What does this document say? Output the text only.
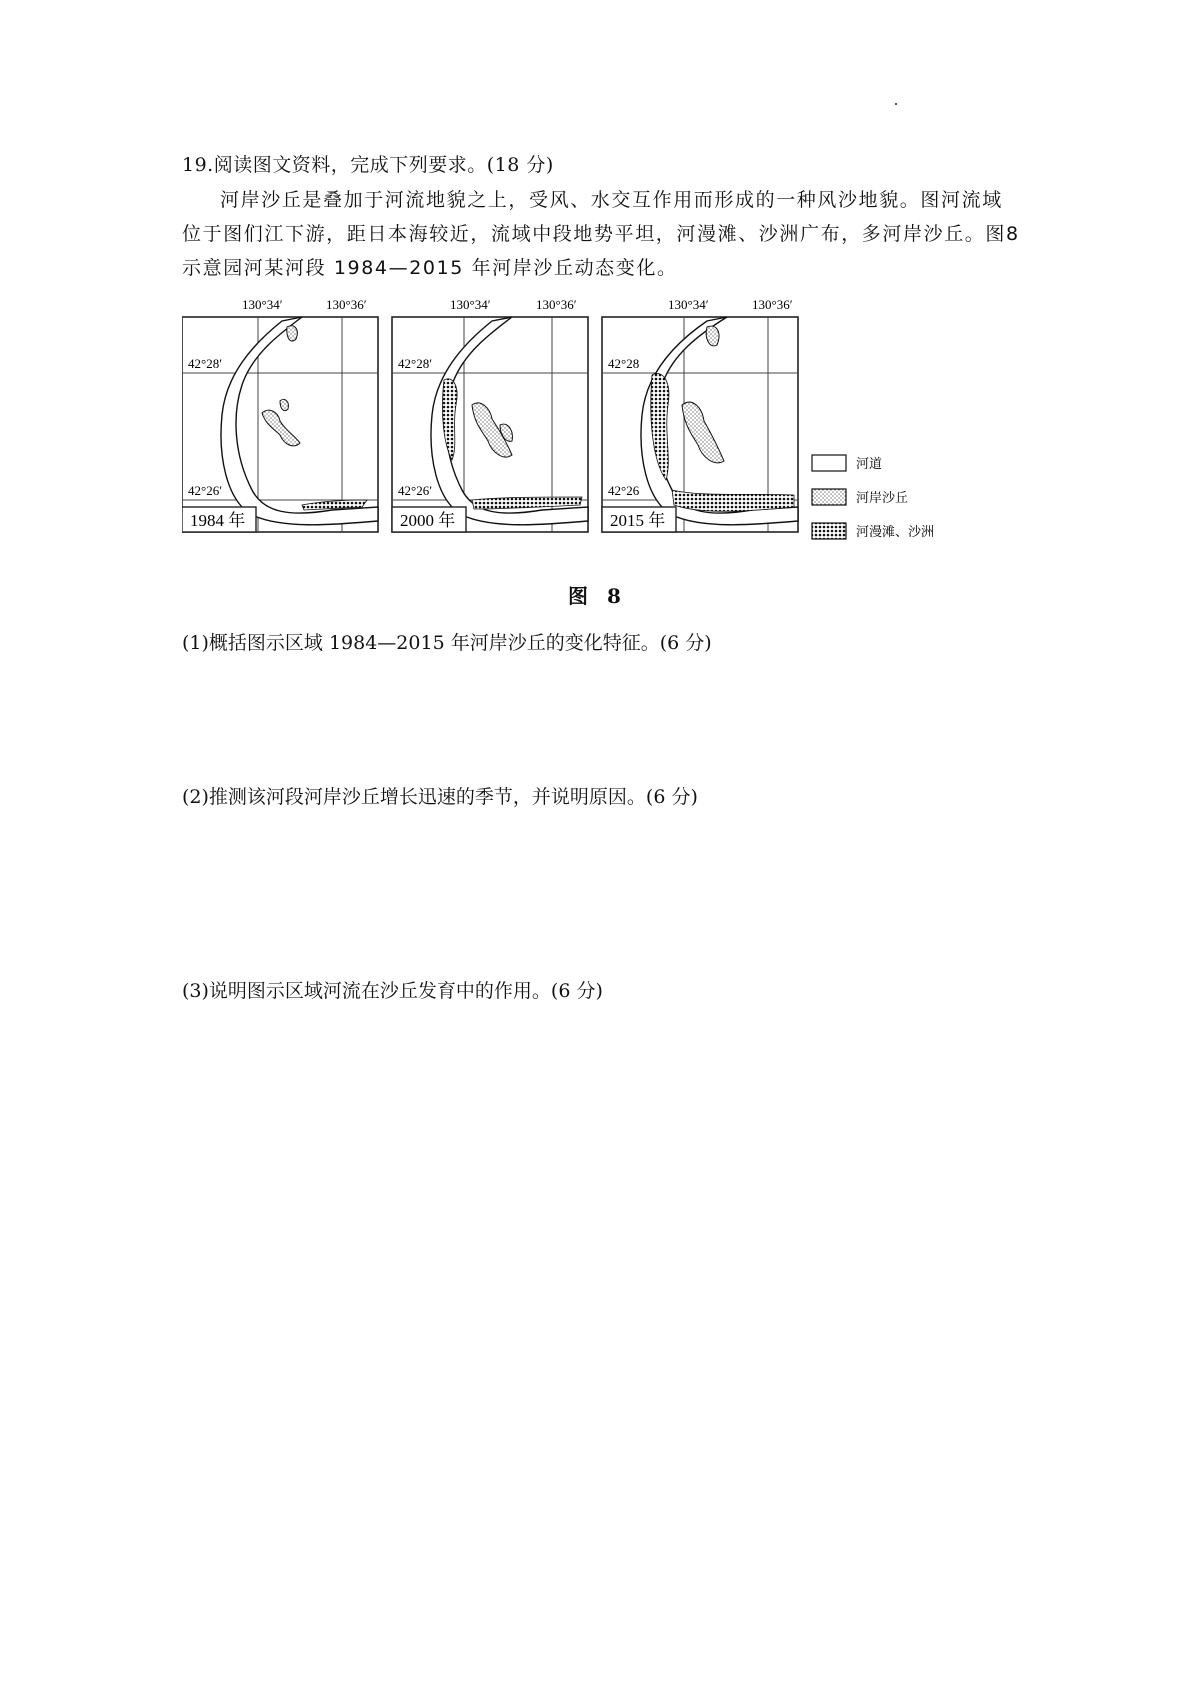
19.阅读图文资料，完成下列要求。(18 分)
河岸沙丘是叠加于河流地貌之上，受风、水交互作用而形成的一种风沙地貌。图河流域位于图们江下游，距日本海较近，流域中段地势平坦，河漫滩、沙洲广布，多河岸沙丘。图8 示意园河某河段 1984—2015 年河岸沙丘动态变化。
130°34′	130°36′	130°34′	130°36′	130°34′	130°36′
42°28′
42°26′
42°28′
42°26′
42°28
42°26
1984 年	2000 年	2015 年
河道
河岸沙丘
河漫滩、沙洲
图 8
(1)概括图示区域 1984—2015 年河岸沙丘的变化特征。(6 分)
(2)推测该河段河岸沙丘增长迅速的季节，并说明原因。(6 分)
(3)说明图示区域河流在沙丘发育中的作用。(6 分)
